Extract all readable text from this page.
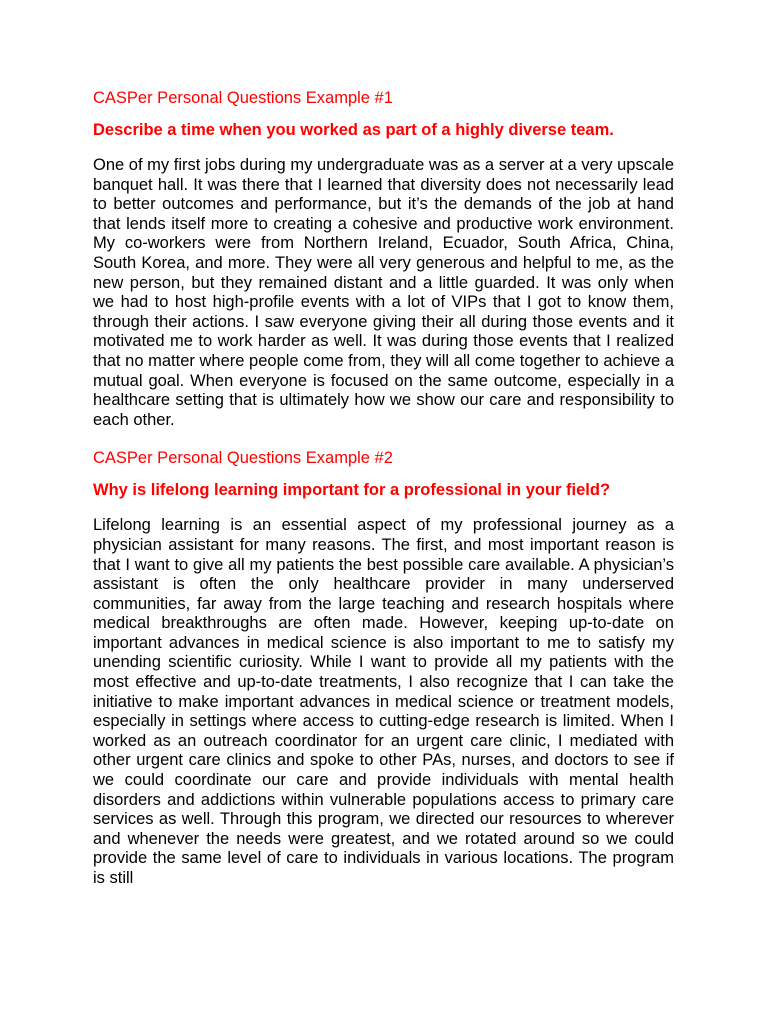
CASPer Personal Questions Example #1

Describe a time when you worked as part of a highly diverse team.

One of my first jobs during my undergraduate was as a server at a very upscale banquet hall. It was there that I learned that diversity does not necessarily lead to better outcomes and performance, but it’s the demands of the job at hand that lends itself more to creating a cohesive and productive work environment. My co-workers were from Northern Ireland, Ecuador, South Africa, China, South Korea, and more. They were all very generous and helpful to me, as the new person, but they remained distant and a little guarded. It was only when we had to host high-profile events with a lot of VIPs that I got to know them, through their actions. I saw everyone giving their all during those events and it motivated me to work harder as well. It was during those events that I realized that no matter where people come from, they will all come together to achieve a mutual goal. When everyone is focused on the same outcome, especially in a healthcare setting that is ultimately how we show our care and responsibility to each other.

CASPer Personal Questions Example #2

Why is lifelong learning important for a professional in your field?

Lifelong learning is an essential aspect of my professional journey as a physician assistant for many reasons. The first, and most important reason is that I want to give all my patients the best possible care available. A physician’s assistant is often the only healthcare provider in many underserved communities, far away from the large teaching and research hospitals where medical breakthroughs are often made. However, keeping up-to-date on important advances in medical science is also important to me to satisfy my unending scientific curiosity. While I want to provide all my patients with the most effective and up-to-date treatments, I also recognize that I can take the initiative to make important advances in medical science or treatment models, especially in settings where access to cutting-edge research is limited. When I worked as an outreach coordinator for an urgent care clinic, I mediated with other urgent care clinics and spoke to other PAs, nurses, and doctors to see if we could coordinate our care and provide individuals with mental health disorders and addictions within vulnerable populations access to primary care services as well. Through this program, we directed our resources to wherever and whenever the needs were greatest, and we rotated around so we could provide the same level of care to individuals in various locations. The program is still
